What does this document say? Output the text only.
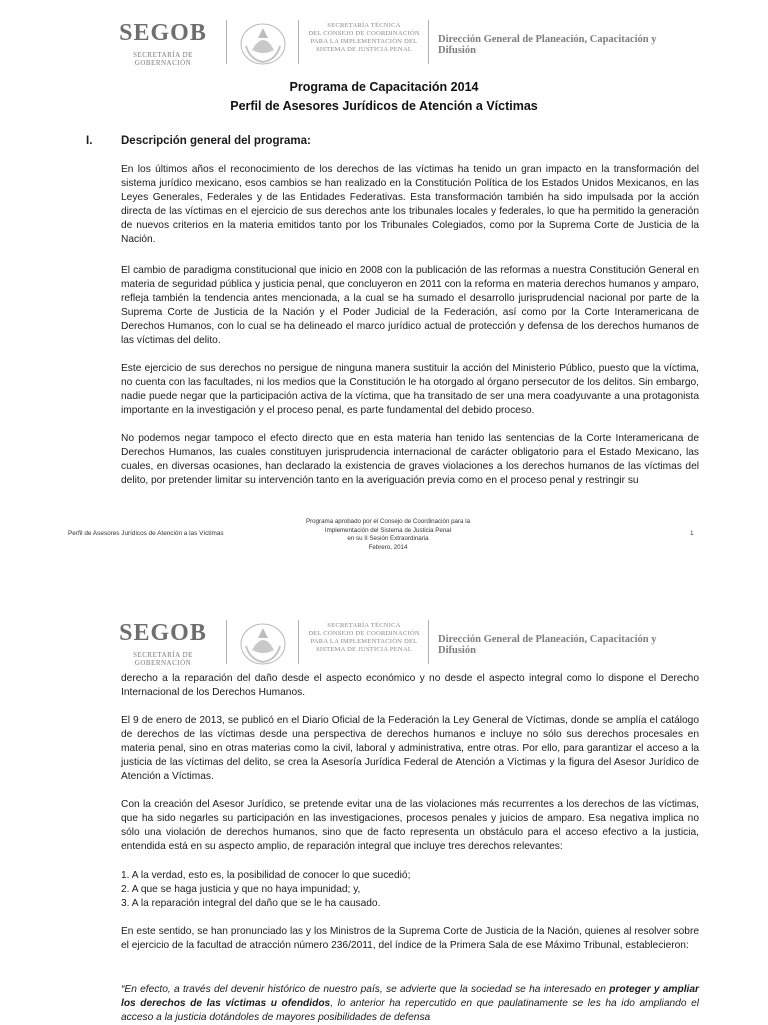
SEGOB
SECRETARÍA DE GOBERNACIÓN
SECRETARÍA TÉCNICA
DEL CONSEJO DE COORDINACIÓN
PARA LA IMPLEMENTACIÓN DEL
SISTEMA DE JUSTICIA PENAL
Dirección General de Planeación, Capacitación y Difusión
Programa de Capacitación 2014
Perfil de Asesores Jurídicos de Atención a Víctimas
I. Descripción general del programa:
En los últimos años el reconocimiento de los derechos de las víctimas ha tenido un gran impacto en la transformación del sistema jurídico mexicano, esos cambios se han realizado en la Constitución Política de los Estados Unidos Mexicanos, en las Leyes Generales, Federales y de las Entidades Federativas. Esta transformación también ha sido impulsada por la acción directa de las víctimas en el ejercicio de sus derechos ante los tribunales locales y federales, lo que ha permitido la generación de nuevos criterios en la materia emitidos tanto por los Tribunales Colegiados, como por la Suprema Corte de Justicia de la Nación.
El cambio de paradigma constitucional que inicio en 2008 con la publicación de las reformas a nuestra Constitución General en materia de seguridad pública y justicia penal, que concluyeron en 2011 con la reforma en materia derechos humanos y amparo, refleja también la tendencia antes mencionada, a la cual se ha sumado el desarrollo jurisprudencial nacional por parte de la Suprema Corte de Justicia de la Nación y el Poder Judicial de la Federación, así como por la Corte Interamericana de Derechos Humanos, con lo cual se ha delineado el marco jurídico actual de protección y defensa de los derechos humanos de las víctimas del delito.
Este ejercicio de sus derechos no persigue de ninguna manera sustituir la acción del Ministerio Público, puesto que la víctima, no cuenta con las facultades, ni los medios que la Constitución le ha otorgado al órgano persecutor de los delitos. Sin embargo, nadie puede negar que la participación activa de la víctima, que ha transitado de ser una mera coadyuvante a una protagonista importante en la investigación y el proceso penal, es parte fundamental del debido proceso.
No podemos negar tampoco el efecto directo que en esta materia han tenido las sentencias de la Corte Interamericana de Derechos Humanos, las cuales constituyen jurisprudencia internacional de carácter obligatorio para el Estado Mexicano, las cuales, en diversas ocasiones, han declarado la existencia de graves violaciones a los derechos humanos de las víctimas del delito, por pretender limitar su intervención tanto en la averiguación previa como en el proceso penal y restringir su
Perfil de Asesores Jurídicos de Atención a las Víctimas
Programa aprobado por el Consejo de Coordinación para la
Implementación del Sistema de Justicia Penal
en su II Sesión Extraordinaria
Febrero, 2014
1
SEGOB
SECRETARÍA DE GOBERNACIÓN
SECRETARÍA TÉCNICA
DEL CONSEJO DE COORDINACIÓN
PARA LA IMPLEMENTACIÓN DEL
SISTEMA DE JUSTICIA PENAL
Dirección General de Planeación, Capacitación y Difusión
derecho a la reparación del daño desde el aspecto económico y no desde el aspecto integral como lo dispone el Derecho Internacional de los Derechos Humanos.
El 9 de enero de 2013, se publicó en el Diario Oficial de la Federación la Ley General de Víctimas, donde se amplía el catálogo de derechos de las víctimas desde una perspectiva de derechos humanos e incluye no sólo sus derechos procesales en materia penal, sino en otras materias como la civil, laboral y administrativa, entre otras. Por ello, para garantizar el acceso a la justicia de las víctimas del delito, se crea la Asesoría Jurídica Federal de Atención a Víctimas y la figura del Asesor Jurídico de Atención a Víctimas.
Con la creación del Asesor Jurídico, se pretende evitar una de las violaciones más recurrentes a los derechos de las víctimas, que ha sido negarles su participación en las investigaciones, procesos penales y juicios de amparo. Esa negativa implica no sólo una violación de derechos humanos, sino que de facto representa un obstáculo para el acceso efectivo a la justicia, entendida está en su aspecto amplio, de reparación integral que incluye tres derechos relevantes:
1. A la verdad, esto es, la posibilidad de conocer lo que sucedió;
2. A que se haga justicia y que no haya impunidad; y,
3. A la reparación integral del daño que se le ha causado.
En este sentido, se han pronunciado las y los Ministros de la Suprema Corte de Justicia de la Nación, quienes al resolver sobre el ejercicio de la facultad de atracción número 236/2011, del índice de la Primera Sala de ese Máximo Tribunal, establecieron:
“En efecto, a través del devenir histórico de nuestro país, se advierte que la sociedad se ha interesado en proteger y ampliar los derechos de las víctimas u ofendidos, lo anterior ha repercutido en que paulatinamente se les ha ido ampliando el acceso a la justicia dotándoles de mayores posibilidades de defensa
